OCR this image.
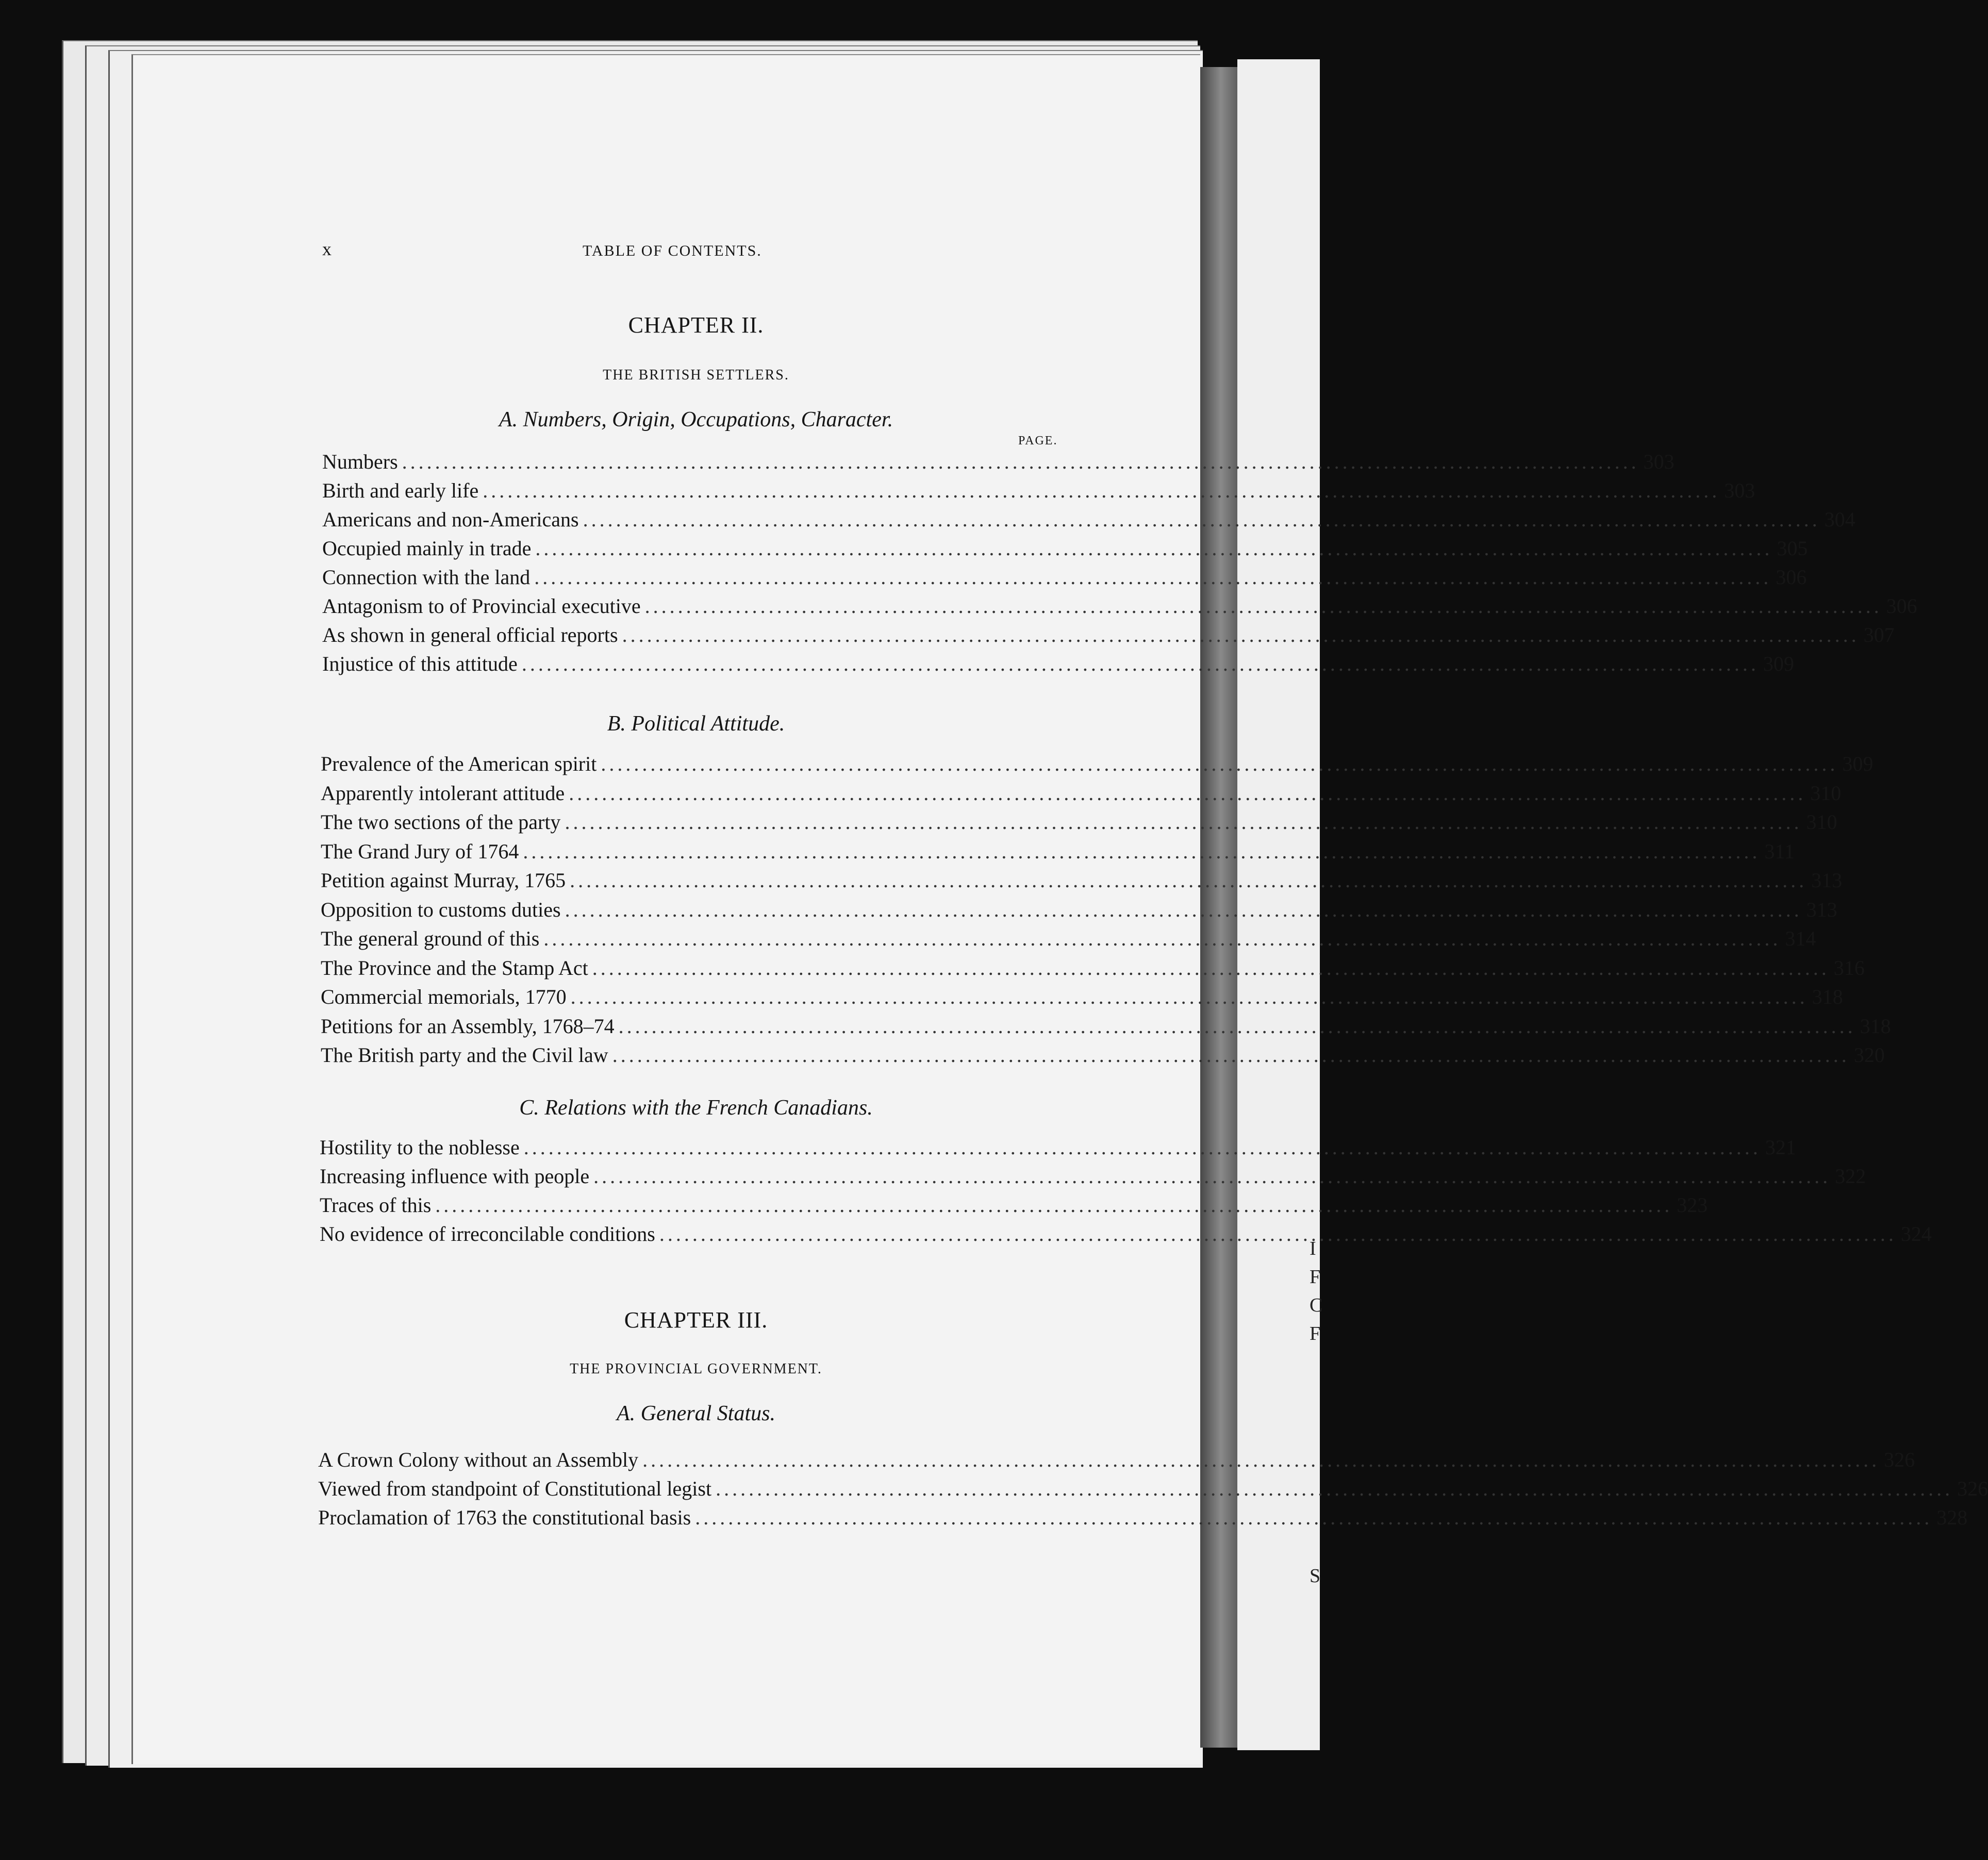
I
F
C
F
S
x	TABLE OF CONTENTS.
CHAPTER II.
THE BRITISH SETTLERS.
A. Numbers, Origin, Occupations, Character.
PAGE.
Numbers .....	303
Birth and early life .....	303
Americans and non-Americans .....	304
Occupied mainly in trade .....	305
Connection with the land .....	306
Antagonism to of Provincial executive .....	306
As shown in general official reports .....	307
Injustice of this attitude .....	309
B. Political Attitude.
Prevalence of the American spirit .....	309
Apparently intolerant attitude .....	310
The two sections of the party .....	310
The Grand Jury of 1764 .....	311
Petition against Murray, 1765 .....	313
Opposition to customs duties .....	313
The general ground of this .....	314
The Province and the Stamp Act .....	316
Commercial memorials, 1770 .....	318
Petitions for an Assembly, 1768–74 .....	318
The British party and the Civil law .....	320
C. Relations with the French Canadians.
Hostility to the noblesse .....	321
Increasing influence with people .....	322
Traces of this .....	323
No evidence of irreconcilable conditions .....	324
CHAPTER III.
THE PROVINCIAL GOVERNMENT.
A. General Status.
A Crown Colony without an Assembly .....	326
Viewed from standpoint of Constitutional legist .....	326
Proclamation of 1763 the constitutional basis .....	328
